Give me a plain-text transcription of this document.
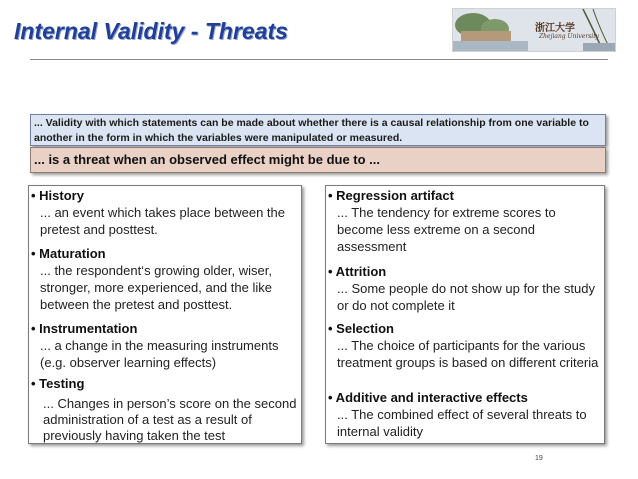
Internal Validity - Threats	浙江大学
Zhejiang University
... Validity with which statements can be made about whether there is a causal relationship from one variable to another in the form in which the variables were manipulated or measured.
... is a threat when an observed effect might be due to ...
• History
... an event which takes place between the pretest and posttest.
• Maturation
... the respondent‘s growing older, wiser, stronger, more experienced, and the like between the pretest and posttest.
• Instrumentation
... a change in the measuring instruments (e.g. observer learning effects)
• Testing
... Changes in person’s score on the second administration of a test as a result of previously having taken the test
• Regression artifact
... The tendency for extreme scores to become less extreme on a second assessment
• Attrition
... Some people do not show up for the study or do not complete it
• Selection
... The choice of participants for the various treatment groups is based on different criteria
• Additive and interactive effects
... The combined effect of several threats to internal validity
19
